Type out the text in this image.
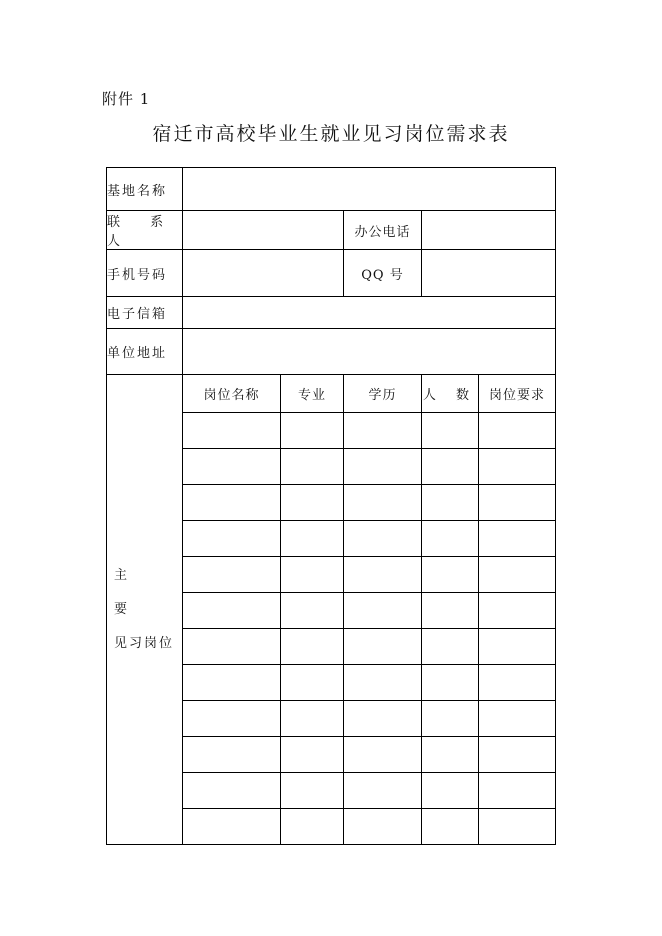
附件 1
宿迁市高校毕业生就业见习岗位需求表
基地名称					
联 系 人			办公电话		
手机号码			QQ 号		
电子信箱					
单位地址					

主 要
见习岗位	岗位名称	专业	学历	人 数	岗位要求
